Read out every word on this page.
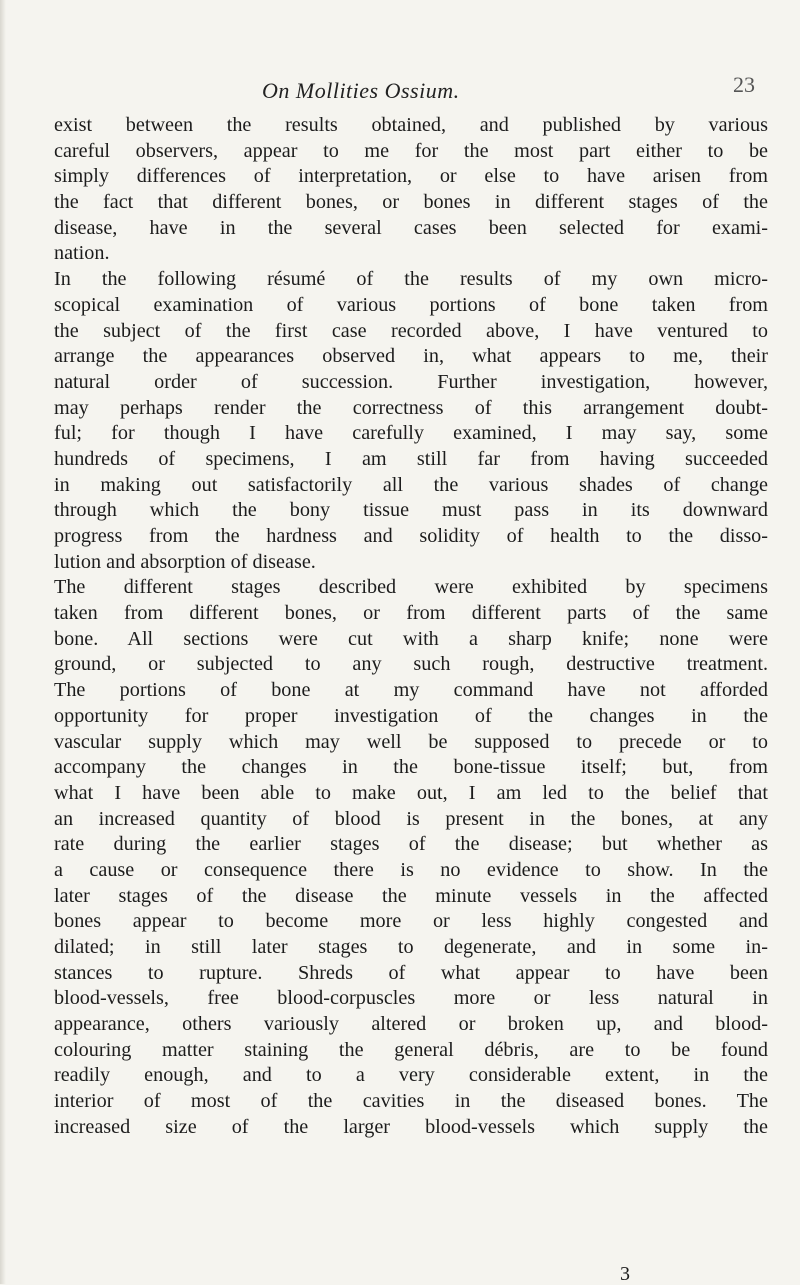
On Mollities Ossium.	23
exist between the results obtained, and published by various
careful observers, appear to me for the most part either to be
simply differences of interpretation, or else to have arisen from
the fact that different bones, or bones in different stages of the
disease, have in the several cases been selected for exami-
nation.
In the following résumé of the results of my own micro-
scopical examination of various portions of bone taken from
the subject of the first case recorded above, I have ventured to
arrange the appearances observed in, what appears to me, their
natural order of succession. Further investigation, however,
may perhaps render the correctness of this arrangement doubt-
ful; for though I have carefully examined, I may say, some
hundreds of specimens, I am still far from having succeeded
in making out satisfactorily all the various shades of change
through which the bony tissue must pass in its downward
progress from the hardness and solidity of health to the disso-
lution and absorption of disease.
The different stages described were exhibited by specimens
taken from different bones, or from different parts of the same
bone. All sections were cut with a sharp knife; none were
ground, or subjected to any such rough, destructive treatment.
The portions of bone at my command have not afforded
opportunity for proper investigation of the changes in the
vascular supply which may well be supposed to precede or to
accompany the changes in the bone-tissue itself; but, from
what I have been able to make out, I am led to the belief that
an increased quantity of blood is present in the bones, at any
rate during the earlier stages of the disease; but whether as
a cause or consequence there is no evidence to show. In the
later stages of the disease the minute vessels in the affected
bones appear to become more or less highly congested and
dilated; in still later stages to degenerate, and in some in-
stances to rupture. Shreds of what appear to have been
blood-vessels, free blood-corpuscles more or less natural in
appearance, others variously altered or broken up, and blood-
colouring matter staining the general débris, are to be found
readily enough, and to a very considerable extent, in the
interior of most of the cavities in the diseased bones. The
increased size of the larger blood-vessels which supply the
3
